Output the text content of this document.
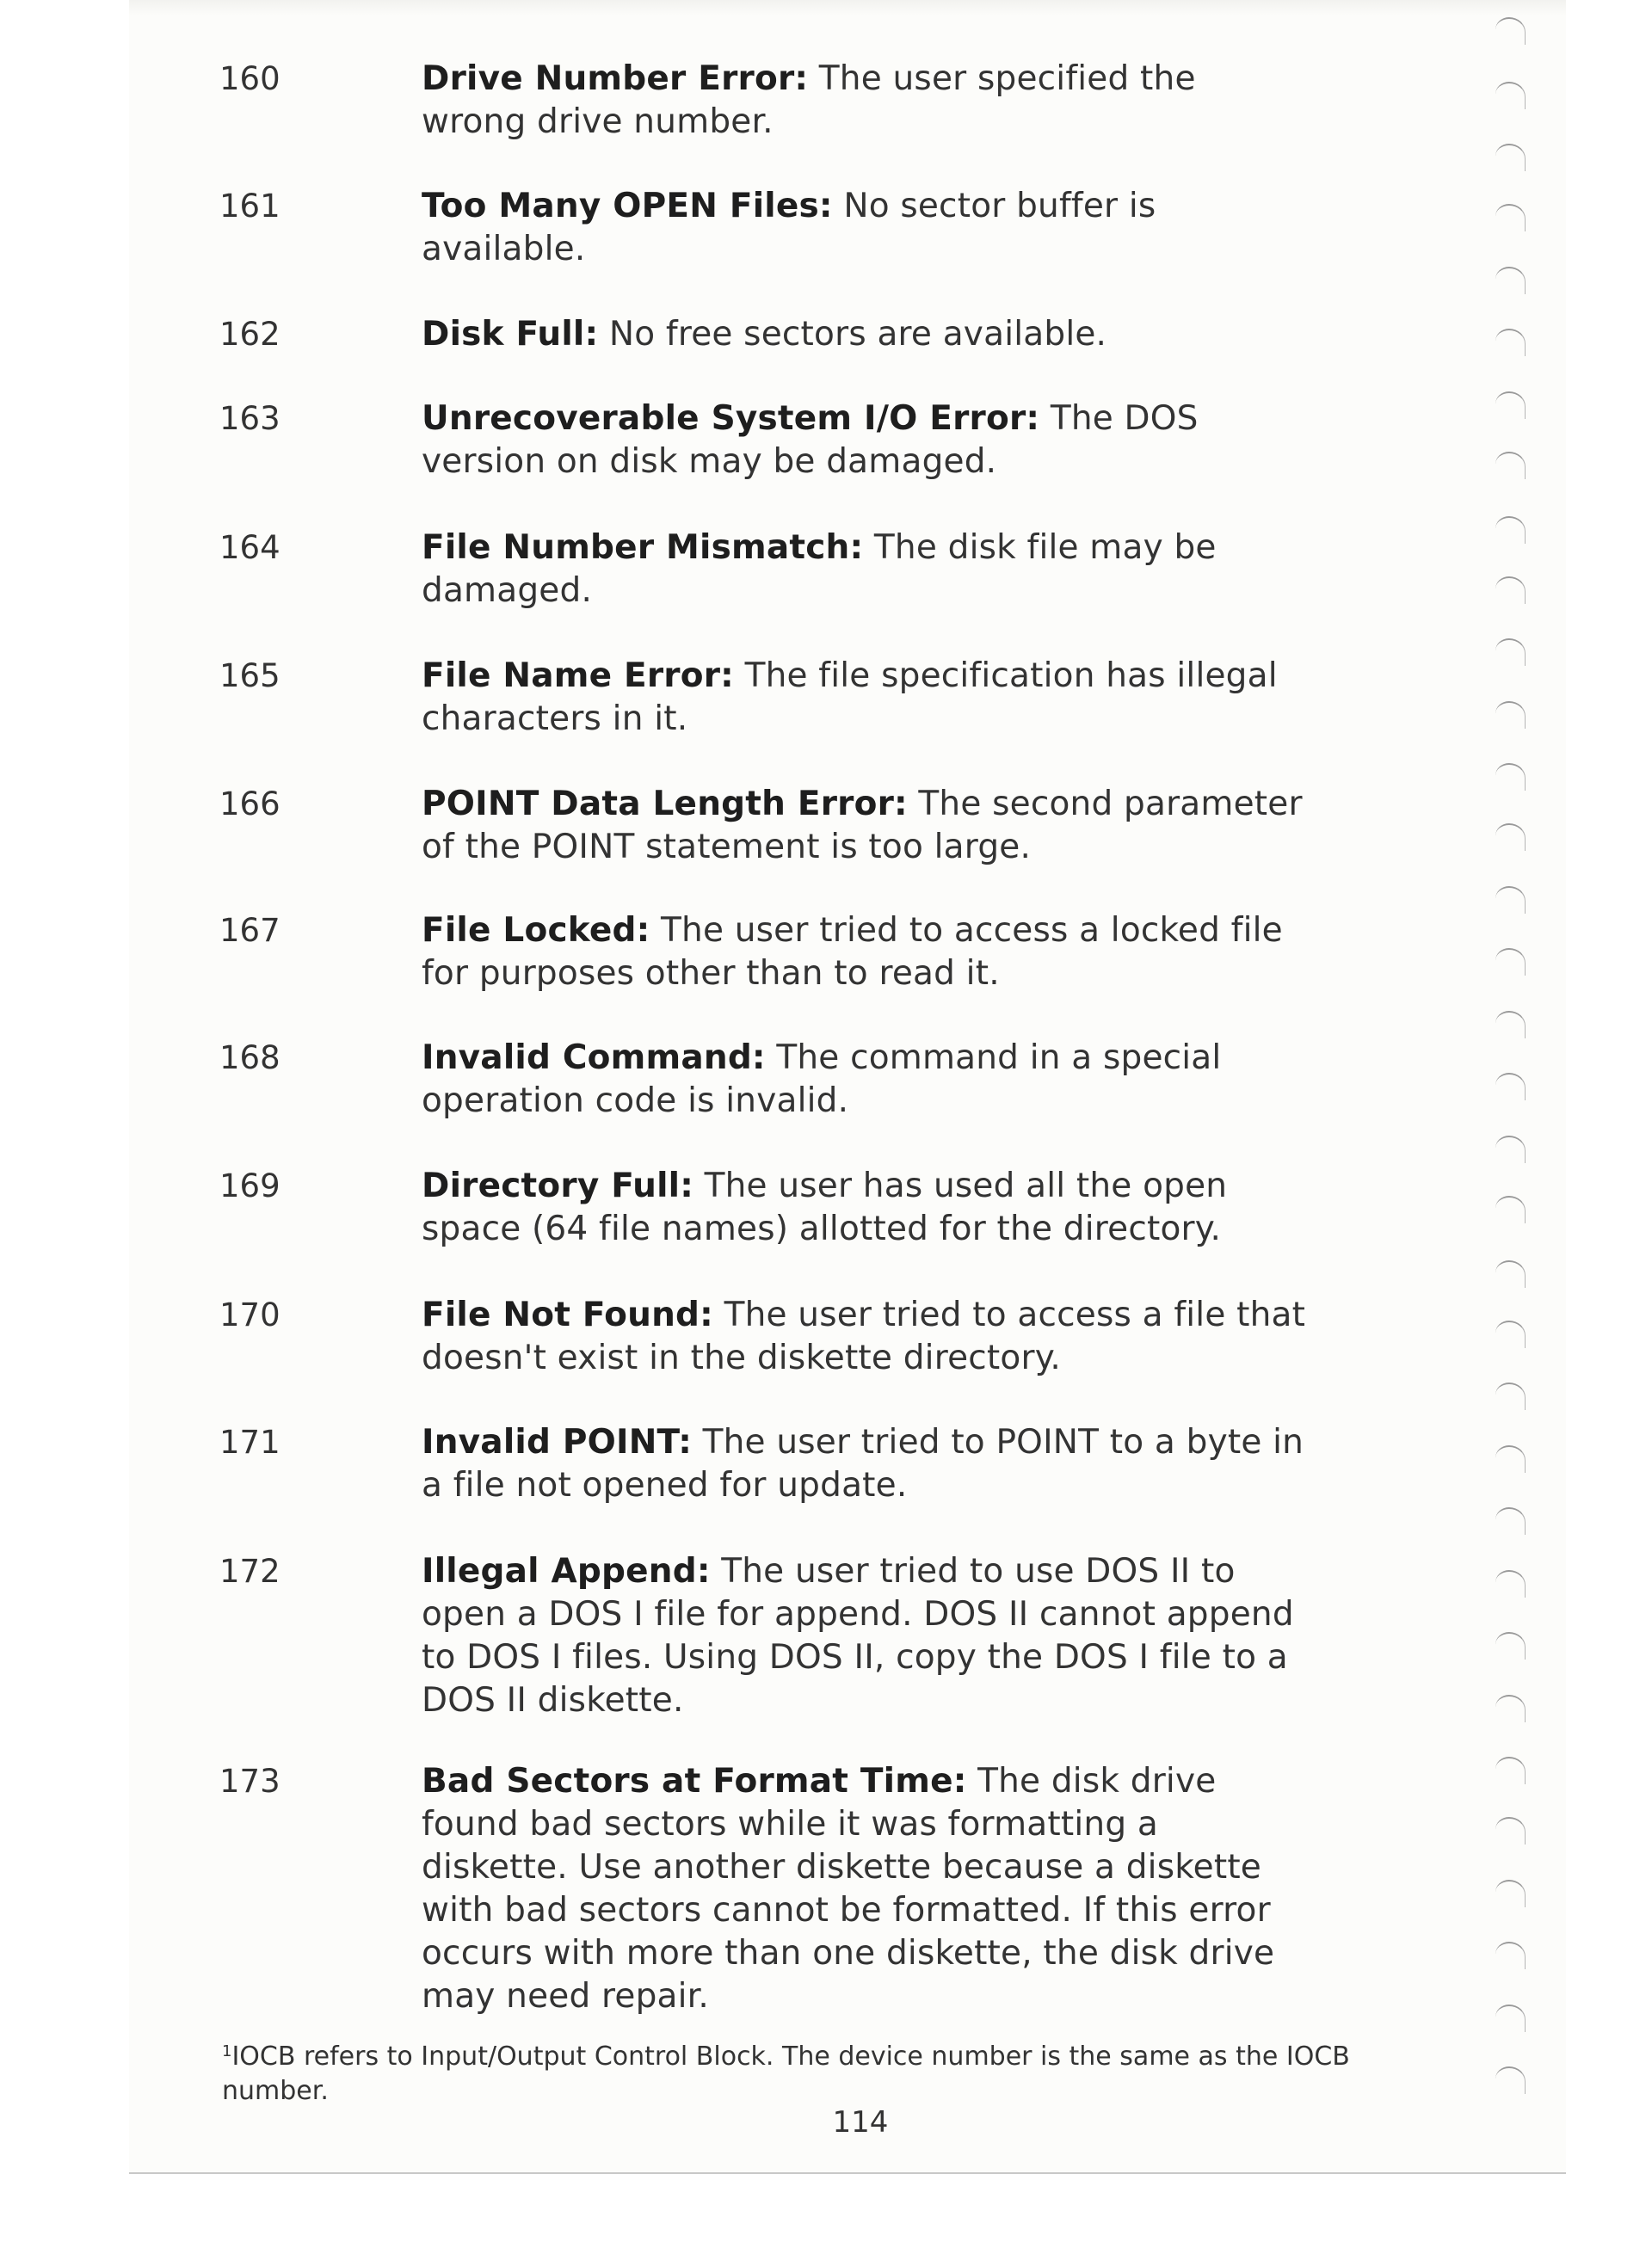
160	Drive Number Error: The user specified the wrong drive number.
161	Too Many OPEN Files: No sector buffer is available.
162	Disk Full: No free sectors are available.
163	Unrecoverable System I/O Error: The DOS version on disk may be damaged.
164	File Number Mismatch: The disk file may be damaged.
165	File Name Error: The file specification has illegal characters in it.
166	POINT Data Length Error: The second parameter of the POINT statement is too large.
167	File Locked: The user tried to access a locked file for purposes other than to read it.
168	Invalid Command: The command in a special operation code is invalid.
169	Directory Full: The user has used all the open space (64 file names) allotted for the directory.
170	File Not Found: The user tried to access a file that doesn't exist in the diskette directory.
171	Invalid POINT: The user tried to POINT to a byte in a file not opened for update.
172	Illegal Append: The user tried to use DOS II to open a DOS I file for append. DOS II cannot append to DOS I files. Using DOS II, copy the DOS I file to a DOS II diskette.
173	Bad Sectors at Format Time: The disk drive found bad sectors while it was formatting a diskette. Use another diskette because a diskette with bad sectors cannot be formatted. If this error occurs with more than one diskette, the disk drive may need repair.
$^1$IOCB refers to Input/Output Control Block. The device number is the same as the IOCB number.
114
